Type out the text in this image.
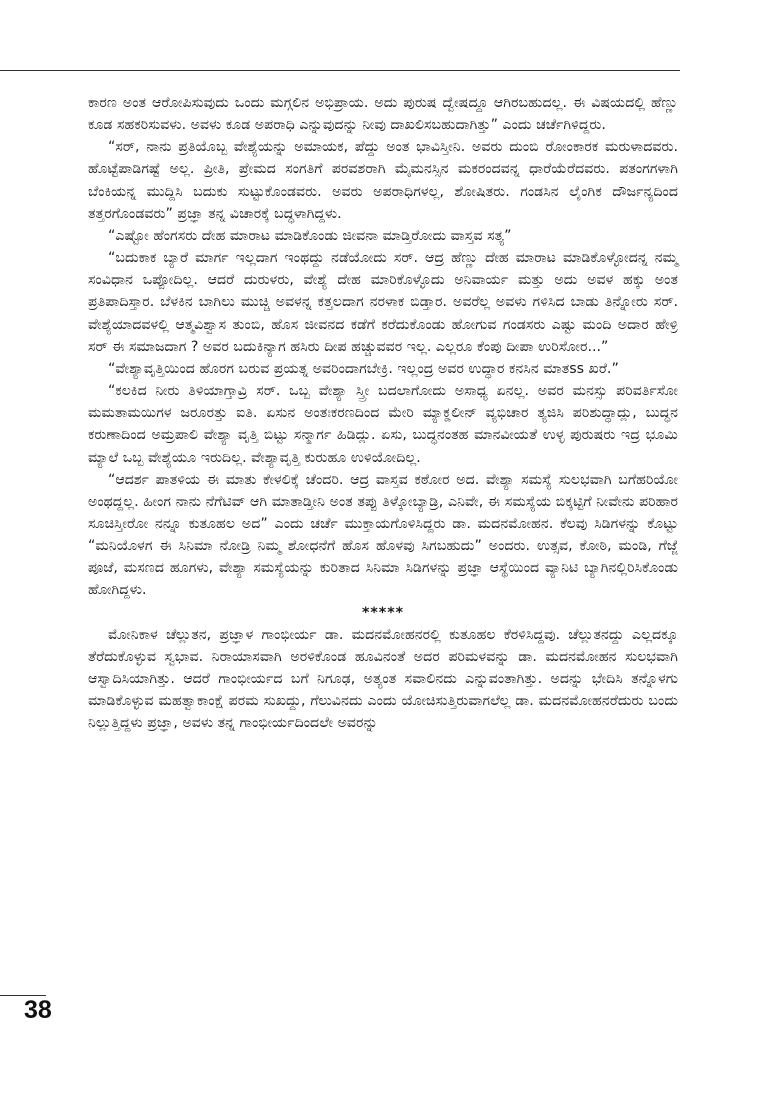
ಕಾರಣ ಅಂತ ಆರೋಪಿಸುವುದು ಒಂದು ಮಗ್ಗಲಿನ ಅಭಿಪ್ರಾಯ. ಅದು ಪುರುಷ ದ್ವೇಷದ್ದೂ ಆಗಿರಬಹುದಲ್ಲ. ಈ ವಿಷಯದಲ್ಲಿ ಹೆಣ್ಣು ಕೂಡ ಸಹಕರಿಸುವಳು. ಅವಳು ಕೂಡ ಅಪರಾಧಿ ಎನ್ನುವುದನ್ನು ನೀವು ದಾಖಲಿಸಬಹುದಾಗಿತ್ತು” ಎಂದು ಚರ್ಚೆಗಿಳಿದ್ದರು.

“ಸರ್, ನಾನು ಪ್ರತಿಯೊಬ್ಬ ವೇಶ್ಯೆಯನ್ನು ಅಮಾಯಕ, ಪೆದ್ದು ಅಂತ ಭಾವಿಸ್ತೀನಿ. ಅವರು ದುಂಬಿ ರೋಂಕಾರಕ ಮರುಳಾದವರು. ಹೊಟ್ಟೆಪಾಡಿಗಷ್ಟೆ ಅಲ್ಲ. ಪ್ರೀತಿ, ಪ್ರೇಮದ ಸಂಗತಿಗೆ ಪರವಶರಾಗಿ ಮೈಮನಸ್ಸಿನ ಮಕರಂದವನ್ನ ಧಾರೆಯೆರೆದವರು. ಪತಂಗಗಳಾಗಿ ಬೆಂಕಿಯನ್ನ ಮುದ್ದಿಸಿ ಬದುಕು ಸುಟ್ಟುಕೊಂಡವರು. ಅವರು ಅಪರಾಧಿಗಳಲ್ಲ, ಶೋಷಿತರು. ಗಂಡಸಿನ ಲೈಂಗಿಕ ದೌರ್ಜನ್ಯದಿಂದ ತತ್ತರಗೊಂಡವರು” ಪ್ರಜ್ಞಾ ತನ್ನ ವಿಚಾರಕ್ಕೆ ಬದ್ಧಳಾಗಿದ್ದಳು.

“ಎಷ್ಟೋ ಹೆಂಗಸರು ದೇಹ ಮಾರಾಟ ಮಾಡಿಕೊಂಡು ಜೀವನಾ ಮಾಡ್ತಿರೋದು ವಾಸ್ತವ ಸತ್ಯ”

“ಬದುಕಾಕ ಬ್ಯಾರೆ ಮಾರ್ಗ ಇಲ್ಲದಾಗ ಇಂಥದ್ದು ನಡೆಯೋದು ಸರ್. ಆದ್ರ ಹೆಣ್ಣು ದೇಹ ಮಾರಾಟ ಮಾಡಿಕೊಳ್ಳೋದನ್ನ ನಮ್ಮ ಸಂವಿಧಾನ ಒಪ್ಪೋದಿಲ್ಲ. ಆದರೆ ದುರುಳರು, ವೇಶ್ಯೆ ದೇಹ ಮಾರಿಕೊಳ್ಳೊದು ಅನಿವಾರ್ಯ ಮತ್ತು ಅದು ಅವಳ ಹಕ್ಕು ಅಂತ ಪ್ರತಿಪಾದಿಸ್ತಾರ. ಬೆಳಕಿನ ಬಾಗಿಲು ಮುಚ್ಚಿ ಅವಳನ್ನ ಕತ್ತಲದಾಗ ನರಳಾಕ ಬಿಡ್ತಾರ. ಅವರೆಲ್ಲ ಅವಳು ಗಳಿಸಿದ ಬಾಡು ತಿನ್ನೋರು ಸರ್. ವೇಶ್ಯೆಯಾದವಳಲ್ಲಿ ಆತ್ಮವಿಶ್ವಾಸ ತುಂಬಿ, ಹೊಸ ಜೀವನದ ಕಡೆಗೆ ಕರೆದುಕೊಂಡು ಹೋಗುವ ಗಂಡಸರು ಎಷ್ಟು ಮಂದಿ ಅದಾರ ಹೇಳ್ರಿ ಸರ್ ಈ ಸಮಾಜದಾಗ ? ಅವರ ಬದುಕಿನ್ಯಾಗ ಹಸಿರು ದೀಪ ಹಚ್ಚುವವರ ಇಲ್ಲ. ಎಲ್ಲರೂ ಕೆಂಪು ದೀಪಾ ಉರಿಸೋರ...”

“ವೇಶ್ಯಾವೃತ್ತಿಯಿಂದ ಹೊರಗ ಬರುವ ಪ್ರಯತ್ನ ಅವರಿಂದಾಗಬೇಕ್ರಿ. ಇಲ್ಲಂದ್ರ ಅವರ ಉದ್ಧಾರ ಕನಸಿನ ಮಾತss ಖರೆ.”

“ಕಲಕಿದ ನೀರು ತಿಳಿಯಾಗ್ತಾವ್ರಿ ಸರ್. ಒಬ್ಬ ವೇಶ್ಯಾ ಸ್ತ್ರೀ ಬದಲಾಗೋದು ಅಸಾಧ್ಯ ಏನಲ್ಲ. ಅವರ ಮನಸ್ಸು ಪರಿವರ್ತಿಸೋ ಮಮತಾಮಯಿಗಳ ಜರೂರತ್ತು ಐತಿ. ಏಸುನ ಅಂತಃಕರಣದಿಂದ ಮೇರಿ ಮ್ಯಾಕ್ಡಲೀನ್ ವ್ಯಭಿಚಾರ ತ್ಯಜಿಸಿ ಪರಿಶುದ್ಧಾದ್ಲು, ಬುದ್ಧನ ಕರುಣಾದಿಂದ ಅಮ್ರಪಾಲಿ ವೇಶ್ಯಾ ವೃತ್ತಿ ಬಿಟ್ಟು ಸನ್ಮಾರ್ಗ ಹಿಡಿದ್ಲು. ಏಸು, ಬುದ್ಧನಂತಹ ಮಾನವೀಯತೆ ಉಳ್ಳ ಪುರುಷರು ಇದ್ರ ಭೂಮಿ ಮ್ಯಾಲೆ ಒಬ್ಬ ವೇಶ್ಯೆಯೂ ಇರುದಿಲ್ಲ. ವೇಶ್ಯಾವೃತ್ತಿ ಕುರುಹೂ ಉಳಿಯೋದಿಲ್ಲ.

“ಆದರ್ಶ ಪಾತಳಿಯ ಈ ಮಾತು ಕೇಳಲಿಕ್ಕೆ ಚೆಂದರಿ. ಆದ್ರ ವಾಸ್ತವ ಕಠೋರ ಅದ. ವೇಶ್ಯಾ ಸಮಸ್ಯೆ ಸುಲಭವಾಗಿ ಬಗೆಹರಿಯೋ ಅಂಥದ್ದಲ್ಲ. ಹೀಂಗ ನಾನು ನೆಗೆಟಿವ್ ಆಗಿ ಮಾತಾಡ್ತೀನಿ ಅಂತ ತಪ್ಪು ತಿಳ್ಕೋಬ್ಯಾಡ್ರಿ, ಎನಿವೇ, ಈ ಸಮಸ್ಯೆಯ ಬಿಕ್ಕಟ್ಟಿಗೆ ನೀವೇನು ಪರಿಹಾರ ಸೂಚಿಸ್ತೀರೋ ನನ್ನೂ ಕುತೂಹಲ ಅದ” ಎಂದು ಚರ್ಚೆ ಮುಕ್ತಾಯಗೊಳಿಸಿದ್ದರು ಡಾ. ಮದನಮೋಹನ. ಕೆಲವು ಸಿಡಿಗಳನ್ನು ಕೊಟ್ಟು “ಮನಿಯೊಳಗ ಈ ಸಿನಿಮಾ ನೋಡ್ರಿ ನಿಮ್ಮ ಶೋಧನೆಗೆ ಹೊಸ ಹೊಳವು ಸಿಗಬಹುದು” ಅಂದರು. ಉತ್ಸವ, ಕೋಠಿ, ಮಂಡಿ, ಗೆಜ್ಜೆ ಪೂಜೆ, ಮಸಣದ ಹೂಗಳು, ವೇಶ್ಯಾ ಸಮಸ್ಯೆಯನ್ನು ಕುರಿತಾದ ಸಿನಿಮಾ ಸಿಡಿಗಳನ್ನು ಪ್ರಜ್ಞಾ ಆಸ್ಥೆಯಿಂದ ವ್ಯಾನಿಟಿ ಬ್ಯಾಗಿನಲ್ಲಿರಿಸಿಕೊಂಡು ಹೋಗಿದ್ದಳು.

*****

ಮೋನಿಕಾಳ ಚೆಲ್ಲುತನ, ಪ್ರಜ್ಞಾಳ ಗಾಂಭೀರ್ಯ ಡಾ. ಮದನಮೋಹನರಲ್ಲಿ ಕುತೂಹಲ ಕೆರಳಿಸಿದ್ದವು. ಚೆಲ್ಲುತನದ್ದು ಎಲ್ಲದಕ್ಕೂ ತೆರೆದುಕೊಳ್ಳುವ ಸ್ವಭಾವ. ನಿರಾಯಾಸವಾಗಿ ಅರಳಿಕೊಂಡ ಹೂವಿನಂತೆ ಅದರ ಪರಿಮಳವನ್ನು ಡಾ. ಮದನಮೋಹನ ಸುಲಭವಾಗಿ ಆಸ್ವಾದಿಸಿಯಾಗಿತ್ತು. ಆದರೆ ಗಾಂಭೀರ್ಯದ ಬಗೆ ನಿಗೂಢ, ಅತ್ಯಂತ ಸವಾಲಿನದು ಎನ್ನುವಂತಾಗಿತ್ತು. ಅದನ್ನು ಭೇದಿಸಿ ತನ್ನೊಳಗು ಮಾಡಿಕೊಳ್ಳುವ ಮಹತ್ವಾಕಾಂಕ್ಷೆ ಪರಮ ಸುಖದ್ದು, ಗೆಲುವಿನದು ಎಂದು ಯೋಚಿಸುತ್ತಿರುವಾಗಲೆಲ್ಲ ಡಾ. ಮದನಮೋಹನರೆದುರು ಬಂದು ನಿಲ್ಲುತ್ತಿದ್ದಳು ಪ್ರಜ್ಞಾ, ಅವಳು ತನ್ನ ಗಾಂಭೀರ್ಯದಿಂದಲೇ ಅವರನ್ನು

38
